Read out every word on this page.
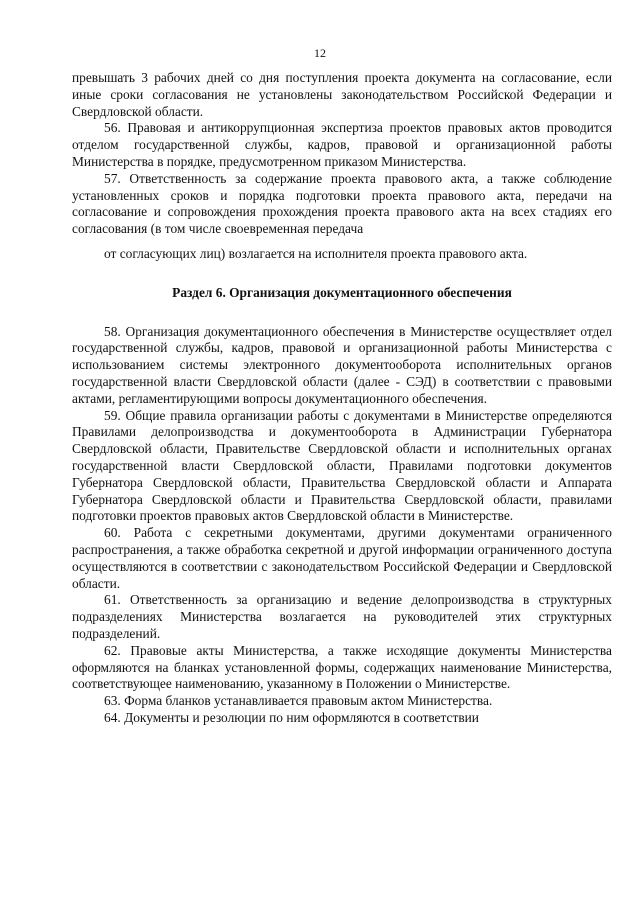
12

превышать 3 рабочих дней со дня поступления проекта документа на согласование, если иные сроки согласования не установлены законодательством Российской Федерации и Свердловской области.

56. Правовая и антикоррупционная экспертиза проектов правовых актов проводится отделом государственной службы, кадров, правовой и организационной работы Министерства в порядке, предусмотренном приказом Министерства.

57. Ответственность за содержание проекта правового акта, а также соблюдение установленных сроков и порядка подготовки проекта правового акта, передачи на согласование и сопровождения прохождения проекта правового акта на всех стадиях его согласования (в том числе своевременная передача

от согласующих лиц) возлагается на исполнителя проекта правового акта.

Раздел 6. Организация документационного обеспечения

58. Организация документационного обеспечения в Министерстве осуществляет отдел государственной службы, кадров, правовой и организационной работы Министерства с использованием системы электронного документооборота исполнительных органов государственной власти Свердловской области (далее - СЭД) в соответствии с правовыми актами, регламентирующими вопросы документационного обеспечения.

59. Общие правила организации работы с документами в Министерстве определяются Правилами делопроизводства и документооборота в Администрации Губернатора Свердловской области, Правительстве Свердловской области и исполнительных органах государственной власти Свердловской области, Правилами подготовки документов Губернатора Свердловской области, Правительства Свердловской области и Аппарата Губернатора Свердловской области и Правительства Свердловской области, правилами подготовки проектов правовых актов Свердловской области в Министерстве.

60. Работа с секретными документами, другими документами ограниченного распространения, а также обработка секретной и другой информации ограниченного доступа осуществляются в соответствии с законодательством Российской Федерации и Свердловской области.

61. Ответственность за организацию и ведение делопроизводства в структурных подразделениях Министерства возлагается на руководителей этих структурных подразделений.

62. Правовые акты Министерства, а также исходящие документы Министерства оформляются на бланках установленной формы, содержащих наименование Министерства, соответствующее наименованию, указанному в Положении о Министерстве.

63. Форма бланков устанавливается правовым актом Министерства.

64. Документы и резолюции по ним оформляются в соответствии
